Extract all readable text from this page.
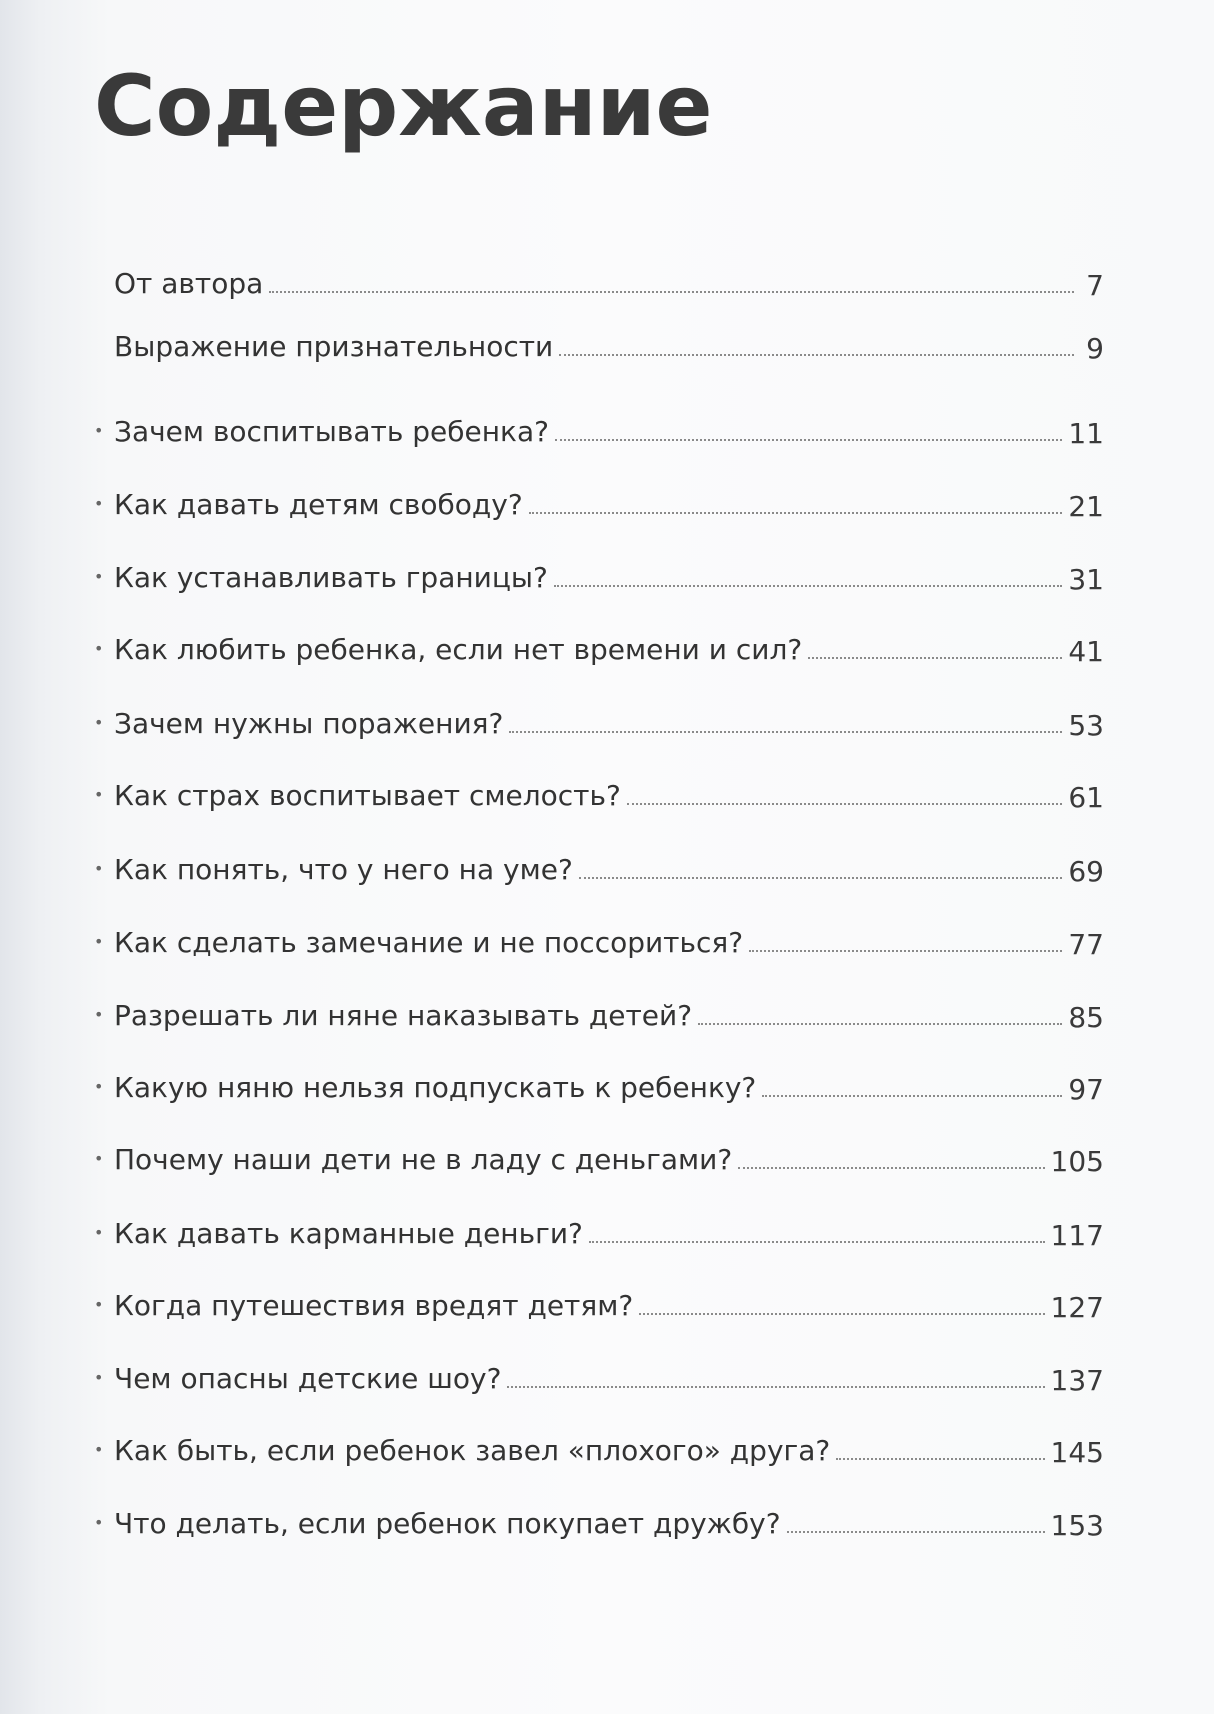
Содержание
От автора	7
Выражение признательности	9
• Зачем воспитывать ребенка?	11
• Как давать детям свободу?	21
• Как устанавливать границы?	31
• Как любить ребенка, если нет времени и сил?	41
• Зачем нужны поражения?	53
• Как страх воспитывает смелость?	61
• Как понять, что у него на уме?	69
• Как сделать замечание и не поссориться?	77
• Разрешать ли няне наказывать детей?	85
• Какую няню нельзя подпускать к ребенку?	97
• Почему наши дети не в ладу с деньгами?	105
• Как давать карманные деньги?	117
• Когда путешествия вредят детям?	127
• Чем опасны детские шоу?	137
• Как быть, если ребенок завел «плохого» друга?	145
• Что делать, если ребенок покупает дружбу?	153
